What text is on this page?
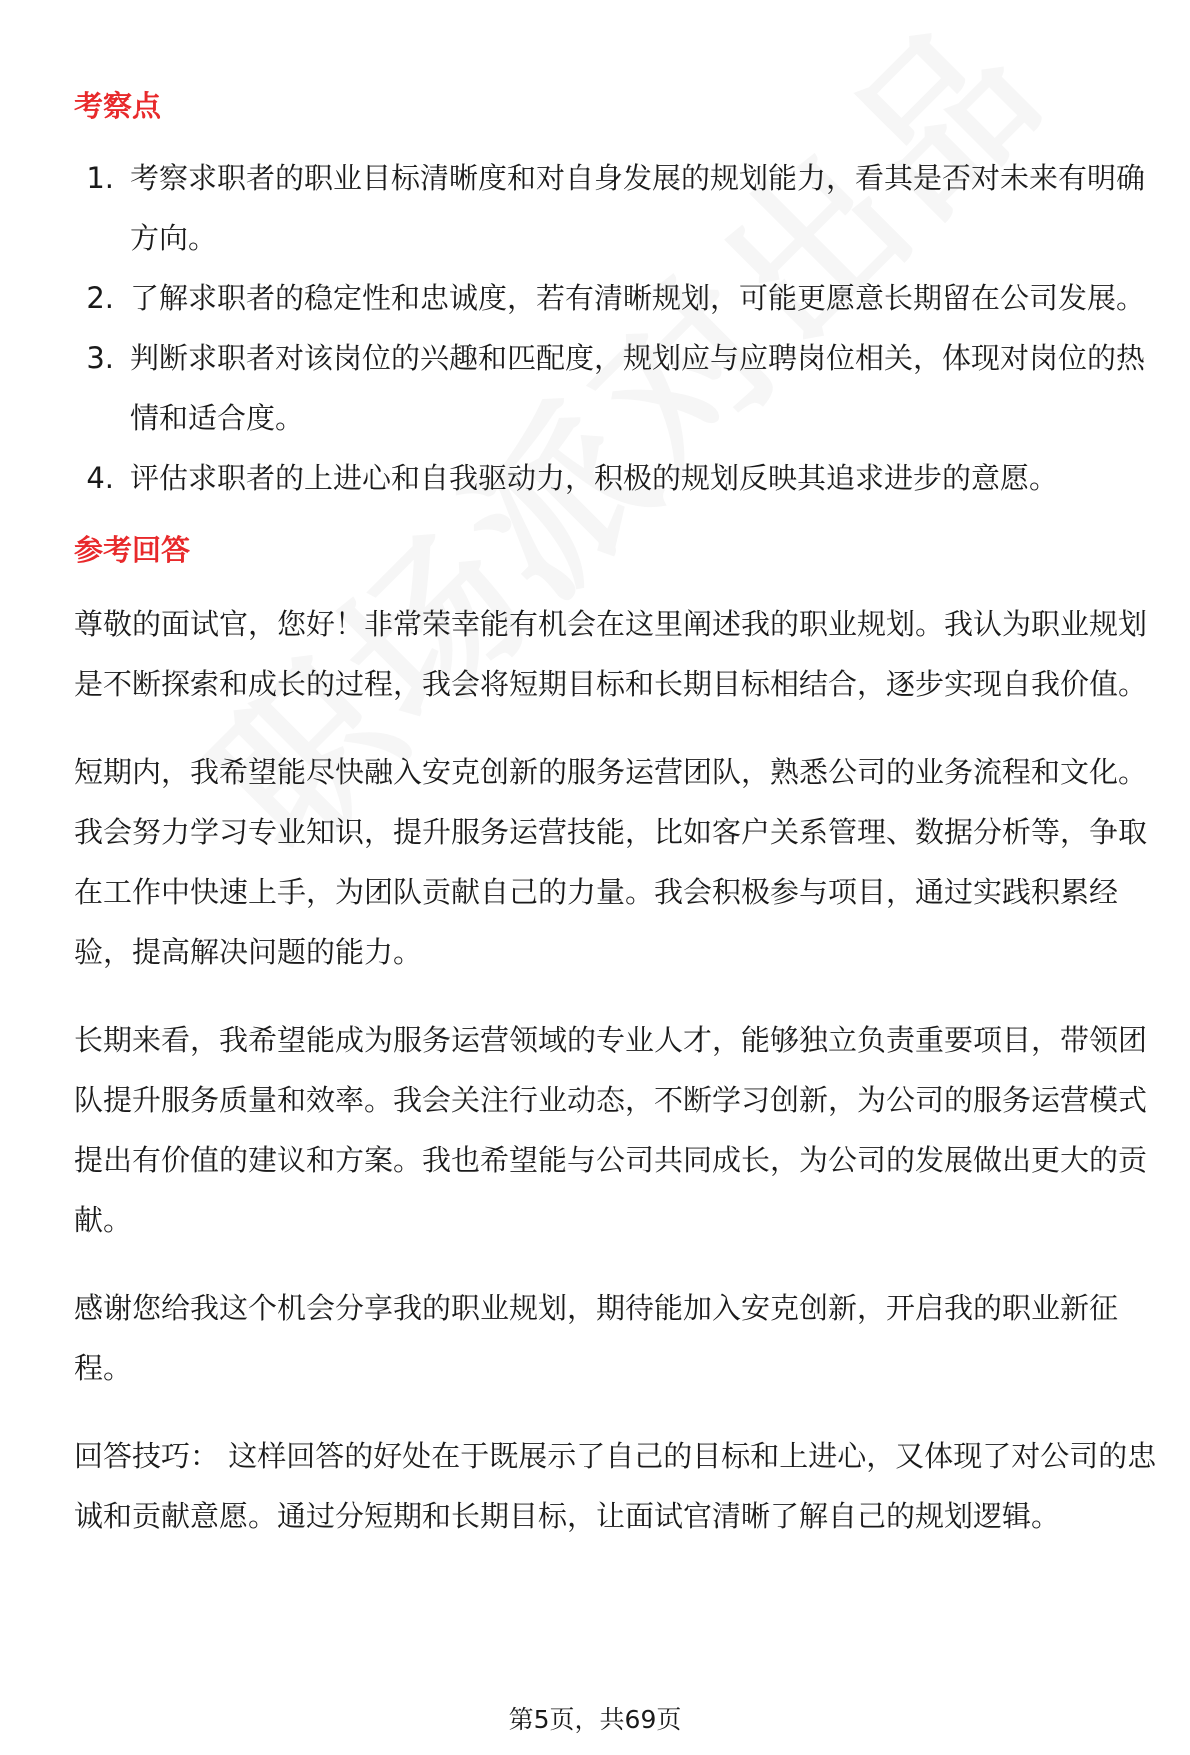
考察点
1. 考察求职者的职业目标清晰度和对自身发展的规划能力，看其是否对未来有明确方向。
2. 了解求职者的稳定性和忠诚度，若有清晰规划，可能更愿意长期留在公司发展。
3. 判断求职者对该岗位的兴趣和匹配度，规划应与应聘岗位相关，体现对岗位的热情和适合度。
4. 评估求职者的上进心和自我驱动力，积极的规划反映其追求进步的意愿。
参考回答

尊敬的面试官，您好！非常荣幸能有机会在这里阐述我的职业规划。我认为职业规划是不断探索和成长的过程，我会将短期目标和长期目标相结合，逐步实现自我价值。

短期内，我希望能尽快融入安克创新的服务运营团队，熟悉公司的业务流程和文化。我会努力学习专业知识，提升服务运营技能，比如客户关系管理、数据分析等，争取在工作中快速上手，为团队贡献自己的力量。我会积极参与项目，通过实践积累经验，提高解决问题的能力。

长期来看，我希望能成为服务运营领域的专业人才，能够独立负责重要项目，带领团队提升服务质量和效率。我会关注行业动态，不断学习创新，为公司的服务运营模式提出有价值的建议和方案。我也希望能与公司共同成长，为公司的发展做出更大的贡献。

感谢您给我这个机会分享我的职业规划，期待能加入安克创新，开启我的职业新征程。

回答技巧： 这样回答的好处在于既展示了自己的目标和上进心，又体现了对公司的忠诚和贡献意愿。通过分短期和长期目标，让面试官清晰了解自己的规划逻辑。

第5页，共69页
